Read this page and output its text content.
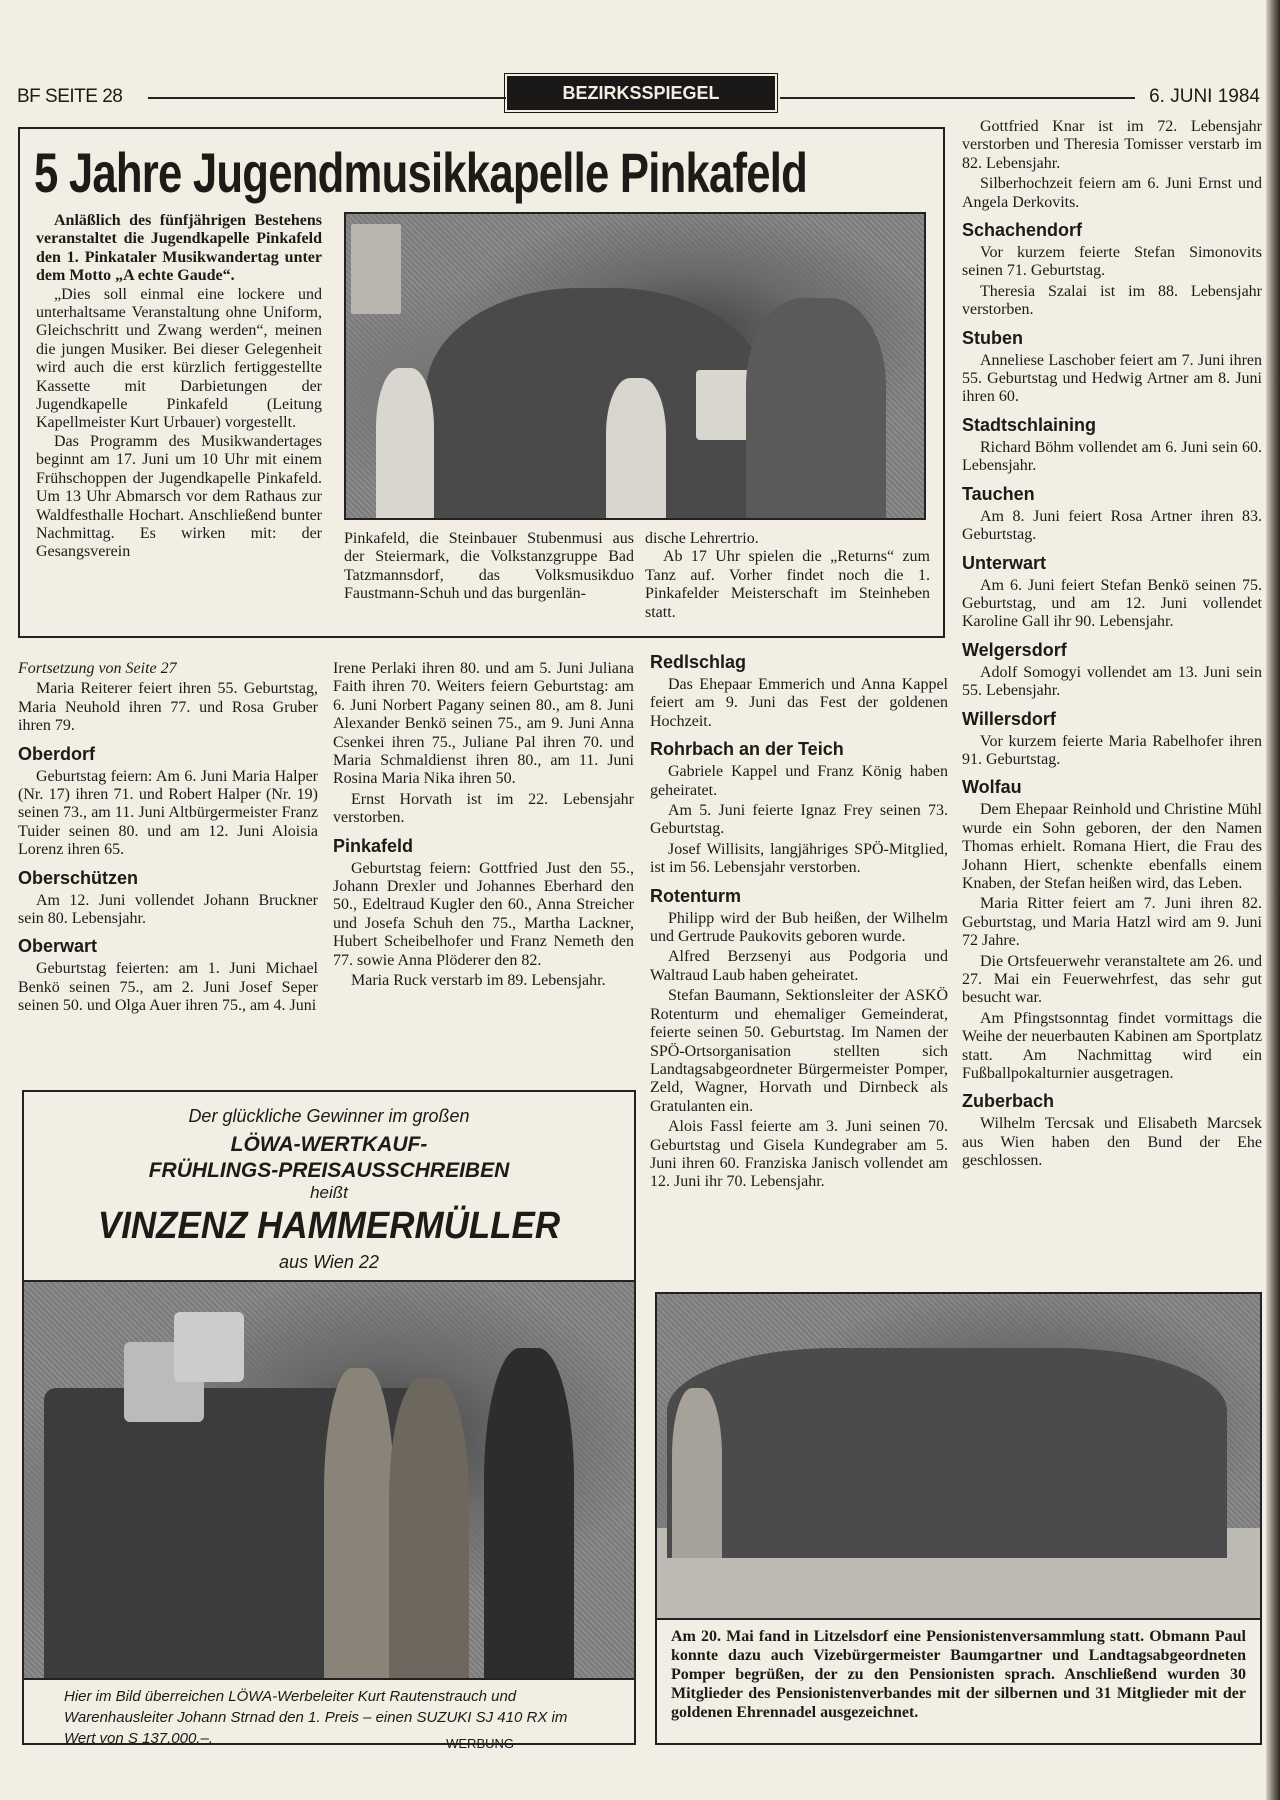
BF SEITE 28	BEZIRKSSPIEGEL	6. JUNI 1984
5 Jahre Jugendmusikkapelle Pinkafeld

Anläßlich des fünfjährigen Bestehens veranstaltet die Jugendkapelle Pinkafeld den 1. Pinkataler Musikwandertag unter dem Motto „A echte Gaude“.

„Dies soll einmal eine lockere und unterhaltsame Veranstaltung ohne Uniform, Gleichschritt und Zwang werden“, meinen die jungen Musiker. Bei dieser Gelegenheit wird auch die erst kürzlich fertiggestellte Kassette mit Darbietungen der Jugendkapelle Pinkafeld (Leitung Kapellmeister Kurt Urbauer) vorgestellt.

Das Programm des Musikwandertages beginnt am 17. Juni um 10 Uhr mit einem Frühschoppen der Jugendkapelle Pinkafeld. Um 13 Uhr Abmarsch vor dem Rathaus zur Waldfesthalle Hochart. Anschließend bunter Nachmittag. Es wirken mit: der Gesangsverein

Pinkafeld, die Steinbauer Stubenmusi aus der Steiermark, die Volkstanzgruppe Bad Tatzmannsdorf, das Volksmusikduo Faustmann-Schuh und das burgenlän-

dische Lehrertrio.

Ab 17 Uhr spielen die „Returns“ zum Tanz auf. Vorher findet noch die 1. Pinkafelder Meisterschaft im Steinheben statt.

Fortsetzung von Seite 27

Maria Reiterer feiert ihren 55. Geburtstag, Maria Neuhold ihren 77. und Rosa Gruber ihren 79.

Oberdorf

Geburtstag feiern: Am 6. Juni Maria Halper (Nr. 17) ihren 71. und Robert Halper (Nr. 19) seinen 73., am 11. Juni Altbürgermeister Franz Tuider seinen 80. und am 12. Juni Aloisia Lorenz ihren 65.

Oberschützen

Am 12. Juni vollendet Johann Bruckner sein 80. Lebensjahr.

Oberwart

Geburtstag feierten: am 1. Juni Michael Benkö seinen 75., am 2. Juni Josef Seper seinen 50. und Olga Auer ihren 75., am 4. Juni

Irene Perlaki ihren 80. und am 5. Juni Juliana Faith ihren 70. Weiters feiern Geburtstag: am 6. Juni Norbert Pagany seinen 80., am 8. Juni Alexander Benkö seinen 75., am 9. Juni Anna Csenkei ihren 75., Juliane Pal ihren 70. und Maria Schmaldienst ihren 80., am 11. Juni Rosina Maria Nika ihren 50.

Ernst Horvath ist im 22. Lebensjahr verstorben.

Pinkafeld

Geburtstag feiern: Gottfried Just den 55., Johann Drexler und Johannes Eberhard den 50., Edeltraud Kugler den 60., Anna Streicher und Josefa Schuh den 75., Martha Lackner, Hubert Scheibelhofer und Franz Nemeth den 77. sowie Anna Plöderer den 82.

Maria Ruck verstarb im 89. Lebensjahr.

Redlschlag

Das Ehepaar Emmerich und Anna Kappel feiert am 9. Juni das Fest der goldenen Hochzeit.

Rohrbach an der Teich

Gabriele Kappel und Franz König haben geheiratet.

Am 5. Juni feierte Ignaz Frey seinen 73. Geburtstag.

Josef Willisits, langjähriges SPÖ-Mitglied, ist im 56. Lebensjahr verstorben.

Rotenturm

Philipp wird der Bub heißen, der Wilhelm und Gertrude Paukovits geboren wurde.

Alfred Berzsenyi aus Podgoria und Waltraud Laub haben geheiratet.

Stefan Baumann, Sektionsleiter der ASKÖ Rotenturm und ehemaliger Gemeinderat, feierte seinen 50. Geburtstag. Im Namen der SPÖ-Ortsorganisation stellten sich Landtagsabgeordneter Bürgermeister Pomper, Zeld, Wagner, Horvath und Dirnbeck als Gratulanten ein.

Alois Fassl feierte am 3. Juni seinen 70. Geburtstag und Gisela Kundegraber am 5. Juni ihren 60. Franziska Janisch vollendet am 12. Juni ihr 70. Lebensjahr.

Gottfried Knar ist im 72. Lebensjahr verstorben und Theresia Tomisser verstarb im 82. Lebensjahr.

Silberhochzeit feiern am 6. Juni Ernst und Angela Derkovits.

Schachendorf

Vor kurzem feierte Stefan Simonovits seinen 71. Geburtstag.

Theresia Szalai ist im 88. Lebensjahr verstorben.

Stuben

Anneliese Laschober feiert am 7. Juni ihren 55. Geburtstag und Hedwig Artner am 8. Juni ihren 60.

Stadtschlaining

Richard Böhm vollendet am 6. Juni sein 60. Lebensjahr.

Tauchen

Am 8. Juni feiert Rosa Artner ihren 83. Geburtstag.

Unterwart

Am 6. Juni feiert Stefan Benkö seinen 75. Geburtstag, und am 12. Juni vollendet Karoline Gall ihr 90. Lebensjahr.

Welgersdorf

Adolf Somogyi vollendet am 13. Juni sein 55. Lebensjahr.

Willersdorf

Vor kurzem feierte Maria Rabelhofer ihren 91. Geburtstag.

Wolfau

Dem Ehepaar Reinhold und Christine Mühl wurde ein Sohn geboren, der den Namen Thomas erhielt. Romana Hiert, die Frau des Johann Hiert, schenkte ebenfalls einem Knaben, der Stefan heißen wird, das Leben.

Maria Ritter feiert am 7. Juni ihren 82. Geburtstag, und Maria Hatzl wird am 9. Juni 72 Jahre.

Die Ortsfeuerwehr veranstaltete am 26. und 27. Mai ein Feuerwehrfest, das sehr gut besucht war.

Am Pfingstsonntag findet vormittags die Weihe der neuerbauten Kabinen am Sportplatz statt. Am Nachmittag wird ein Fußballpokalturnier ausgetragen.

Zuberbach

Wilhelm Tercsak und Elisabeth Marcsek aus Wien haben den Bund der Ehe geschlossen.

Der glückliche Gewinner im großen
LÖWA-WERTKAUF-
FRÜHLINGS-PREISAUSSCHREIBEN
heißt
VINZENZ HAMMERMÜLLER
aus Wien 22
Hier im Bild überreichen LÖWA-Werbeleiter Kurt Rautenstrauch und Warenhausleiter Johann Strnad den 1. Preis – einen SUZUKI SJ 410 RX im Wert von S 137.000.–.	WERBUNG
Am 20. Mai fand in Litzelsdorf eine Pensionistenversammlung statt. Obmann Paul konnte dazu auch Vizebürgermeister Baumgartner und Landtagsabgeordneten Pomper begrüßen, der zu den Pensionisten sprach. Anschließend wurden 30 Mitglieder des Pensionistenverbandes mit der silbernen und 31 Mitglieder mit der goldenen Ehrennadel ausgezeichnet.
